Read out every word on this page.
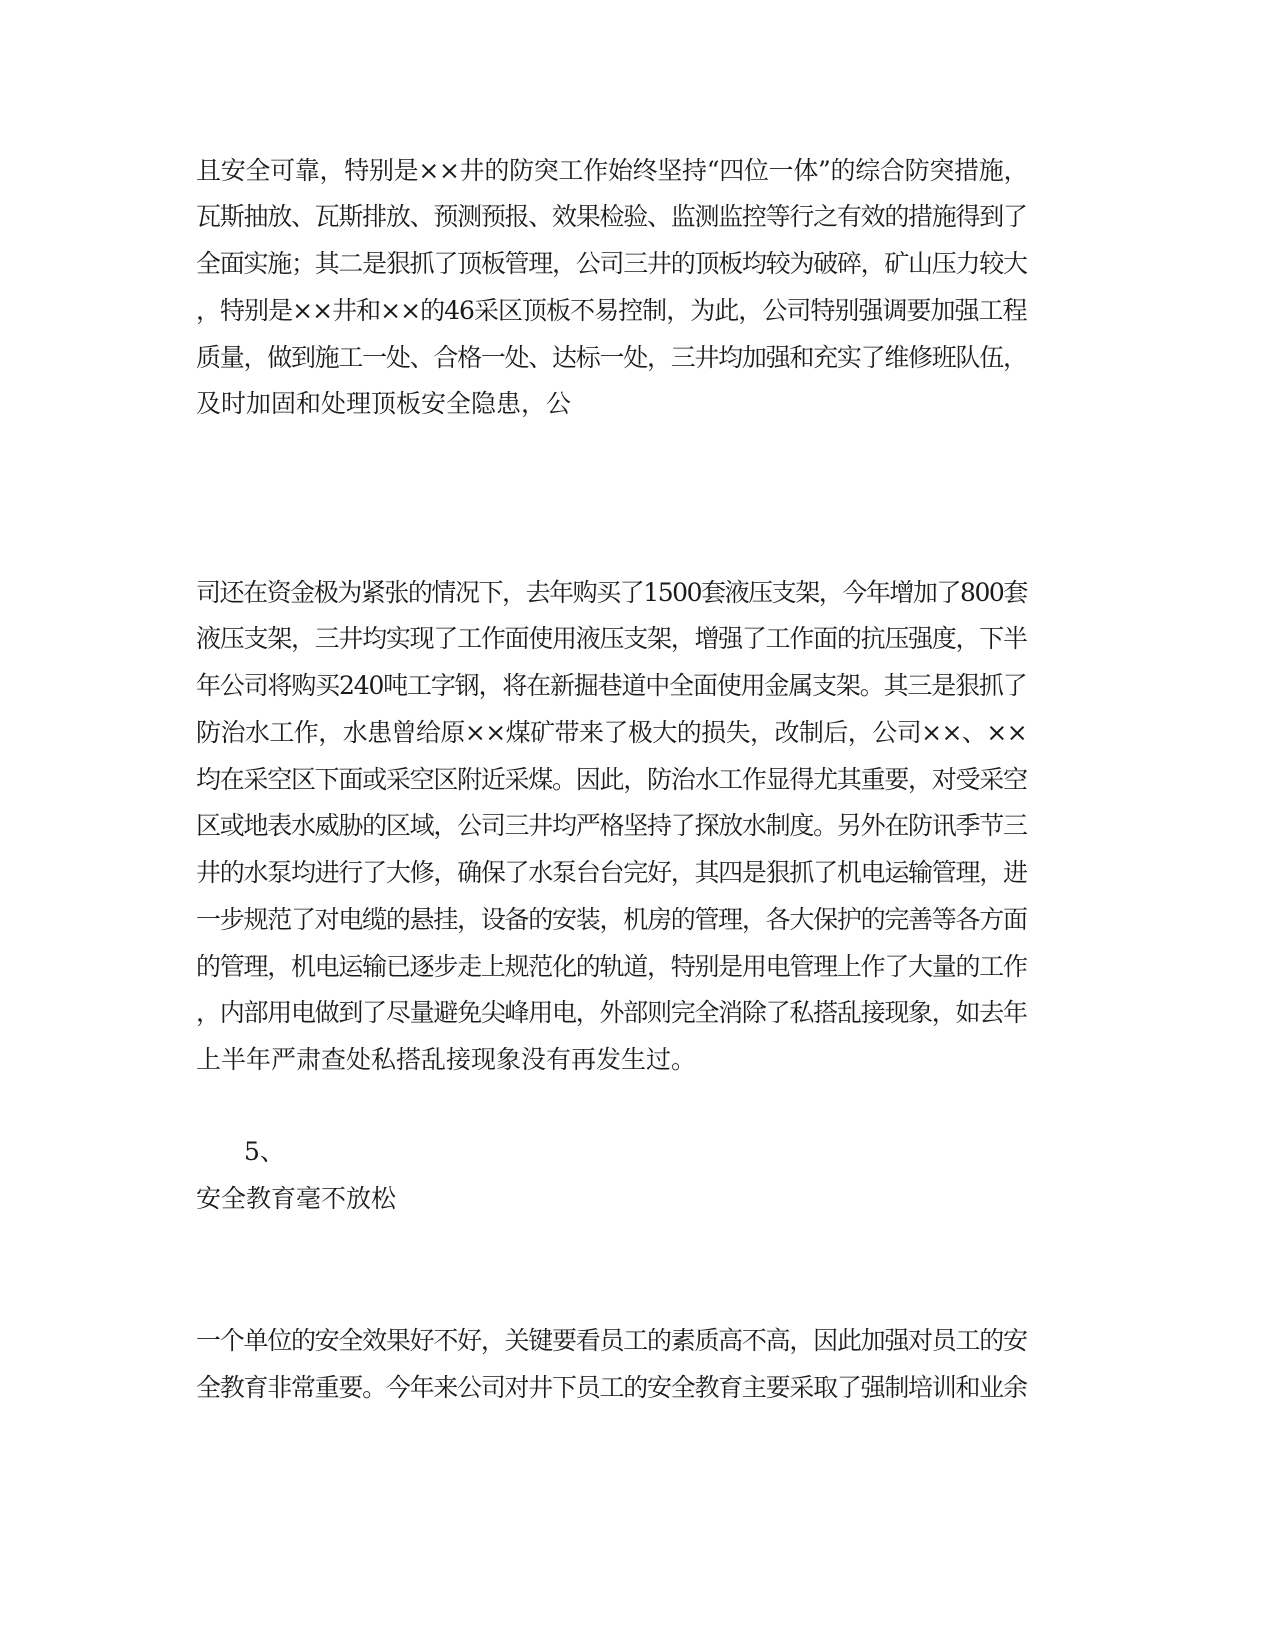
且安全可靠，特别是××井的防突工作始终坚持“四位一体”的综合防突措施，
瓦斯抽放、瓦斯排放、预测预报、效果检验、监测监控等行之有效的措施得到了
全面实施；其二是狠抓了顶板管理，公司三井的顶板均较为破碎，矿山压力较大
，特别是××井和××的46采区顶板不易控制，为此，公司特别强调要加强工程
质量，做到施工一处、合格一处、达标一处，三井均加强和充实了维修班队伍，
及时加固和处理顶板安全隐患，公
司还在资金极为紧张的情况下，去年购买了1500套液压支架，今年增加了800套
液压支架，三井均实现了工作面使用液压支架，增强了工作面的抗压强度，下半
年公司将购买240吨工字钢，将在新掘巷道中全面使用金属支架。其三是狠抓了
防治水工作，水患曾给原××煤矿带来了极大的损失，改制后，公司××、××
均在采空区下面或采空区附近采煤。因此，防治水工作显得尤其重要，对受采空
区或地表水威胁的区域，公司三井均严格坚持了探放水制度。另外在防讯季节三
井的水泵均进行了大修，确保了水泵台台完好，其四是狠抓了机电运输管理，进
一步规范了对电缆的悬挂，设备的安装，机房的管理，各大保护的完善等各方面
的管理，机电运输已逐步走上规范化的轨道，特别是用电管理上作了大量的工作
，内部用电做到了尽量避免尖峰用电，外部则完全消除了私搭乱接现象，如去年
上半年严肃查处私搭乱接现象没有再发生过。
5、
安全教育毫不放松
一个单位的安全效果好不好，关键要看员工的素质高不高，因此加强对员工的安
全教育非常重要。今年来公司对井下员工的安全教育主要采取了强制培训和业余
